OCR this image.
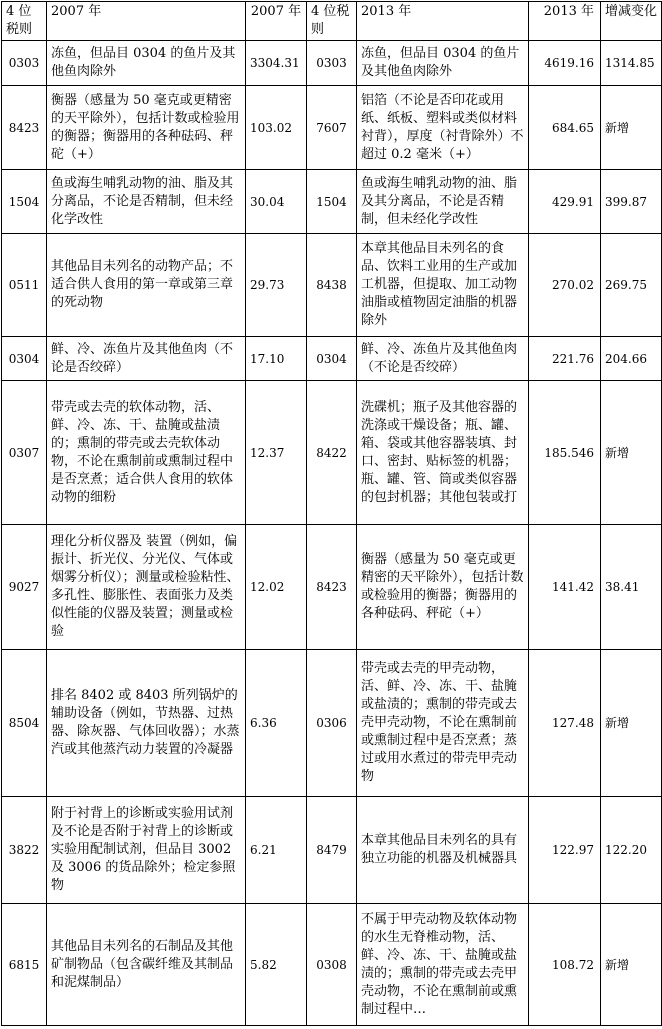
4 位税则	2007 年	2007 年	4 位税则	2013 年	2013 年	增减变化
0303	冻鱼，但品目 0304 的鱼片及其他鱼肉除外	3304.31	0303	冻鱼，但品目 0304 的鱼片及其他鱼肉除外	4619.16	1314.85
8423	衡器（感量为 50 毫克或更精密的天平除外），包括计数或检验用的衡器；衡器用的各种砝码、秤砣（+）	103.02	7607	铝箔（不论是否印花或用纸、纸板、塑料或类似材料衬背），厚度（衬背除外）不超过 0.2 毫米（+）	684.65	新增
1504	鱼或海生哺乳动物的油、脂及其分离品，不论是否精制，但未经化学改性	30.04	1504	鱼或海生哺乳动物的油、脂及其分离品，不论是否精制，但未经化学改性	429.91	399.87
0511	其他品目未列名的动物产品；不适合供人食用的第一章或第三章的死动物	29.73	8438	本章其他品目未列名的食品、饮料工业用的生产或加工机器，但提取、加工动物油脂或植物固定油脂的机器除外	270.02	269.75
0304	鲜、冷、冻鱼片及其他鱼肉（不论是否绞碎）	17.10	0304	鲜、冷、冻鱼片及其他鱼肉（不论是否绞碎）	221.76	204.66
0307	带壳或去壳的软体动物，活、鲜、冷、冻、干、盐腌或盐渍的；熏制的带壳或去壳软体动物，不论在熏制前或熏制过程中是否烹煮；适合供人食用的软体动物的细粉	12.37	8422	洗碟机；瓶子及其他容器的洗涤或干燥设备；瓶、罐、箱、袋或其他容器装填、封口、密封、贴标签的机器；瓶、罐、管、筒或类似容器的包封机器；其他包装或打	185.546	新增
9027	理化分析仪器及 装置（例如，偏振计、折光仪、分光仪、气体或烟雾分析仪）；测量或检验粘性、多孔性、膨胀性、表面张力及类似性能的仪器及装置；测量或检验	12.02	8423	衡器（感量为 50 毫克或更精密的天平除外），包括计数或检验用的衡器；衡器用的各种砝码、秤砣（+）	141.42	38.41
8504	排名 8402 或 8403 所列锅炉的辅助设备（例如，节热器、过热器、除灰器、气体回收器）；水蒸汽或其他蒸汽动力装置的冷凝器	6.36	0306	带壳或去壳的甲壳动物，活、鲜、冷、冻、干、盐腌或盐渍的；熏制的带壳或去壳甲壳动物，不论在熏制前或熏制过程中是否烹煮；蒸过或用水煮过的带壳甲壳动物	127.48	新增
3822	附于衬背上的诊断或实验用试剂及不论是否附于衬背上的诊断或实验用配制试剂，但品目 3002 及 3006 的货品除外；检定参照物	6.21	8479	本章其他品目未列名的具有独立功能的机器及机械器具	122.97	122.20
6815	其他品目未列名的石制品及其他矿制物品（包含碳纤维及其制品和泥煤制品）	5.82	0308	不属于甲壳动物及软体动物的水生无脊椎动物，活、鲜、冷、冻、干、盐腌或盐渍的；熏制的带壳或去壳甲壳动物，不论在熏制前或熏制过程中…	108.72	新增
